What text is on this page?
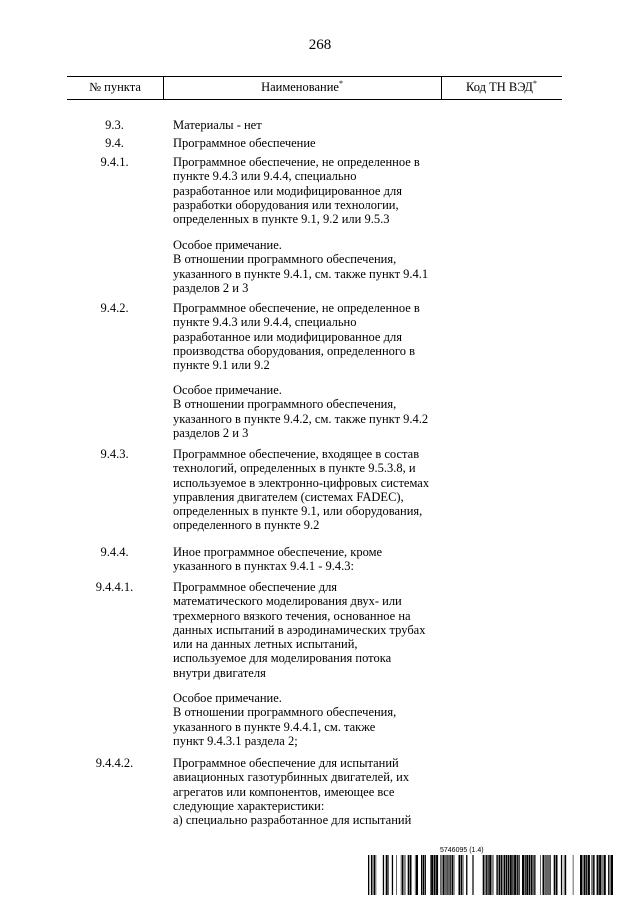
268
№ пункта	Наименование*	Код ТН ВЭД*
9.3.	Материалы - нет
9.4.	Программное обеспечение
9.4.1.	Программное обеспечение, не определенное в
пункте 9.4.3 или 9.4.4, специально
разработанное или модифицированное для
разработки оборудования или технологии,
определенных в пункте 9.1, 9.2 или 9.5.3
Особое примечание.
В отношении программного обеспечения,
указанного в пункте 9.4.1, см. также пункт 9.4.1
разделов 2 и 3
9.4.2.	Программное обеспечение, не определенное в
пункте 9.4.3 или 9.4.4, специально
разработанное или модифицированное для
производства оборудования, определенного в
пункте 9.1 или 9.2
Особое примечание.
В отношении программного обеспечения,
указанного в пункте 9.4.2, см. также пункт 9.4.2
разделов 2 и 3
9.4.3.	Программное обеспечение, входящее в состав
технологий, определенных в пункте 9.5.3.8, и
используемое в электронно-цифровых системах
управления двигателем (системах FADEC),
определенных в пункте 9.1, или оборудования,
определенного в пункте 9.2
9.4.4.	Иное программное обеспечение, кроме
указанного в пунктах 9.4.1 - 9.4.3:
9.4.4.1.	Программное обеспечение для
математического моделирования двух- или
трехмерного вязкого течения, основанное на
данных испытаний в аэродинамических трубах
или на данных летных испытаний,
используемое для моделирования потока
внутри двигателя
Особое примечание.
В отношении программного обеспечения,
указанного в пункте 9.4.4.1, см. также
пункт 9.4.3.1 раздела 2;
9.4.4.2.	Программное обеспечение для испытаний
авиационных газотурбинных двигателей, их
агрегатов или компонентов, имеющее все
следующие характеристики:
а) специально разработанное для испытаний
5746095 (1.4)
